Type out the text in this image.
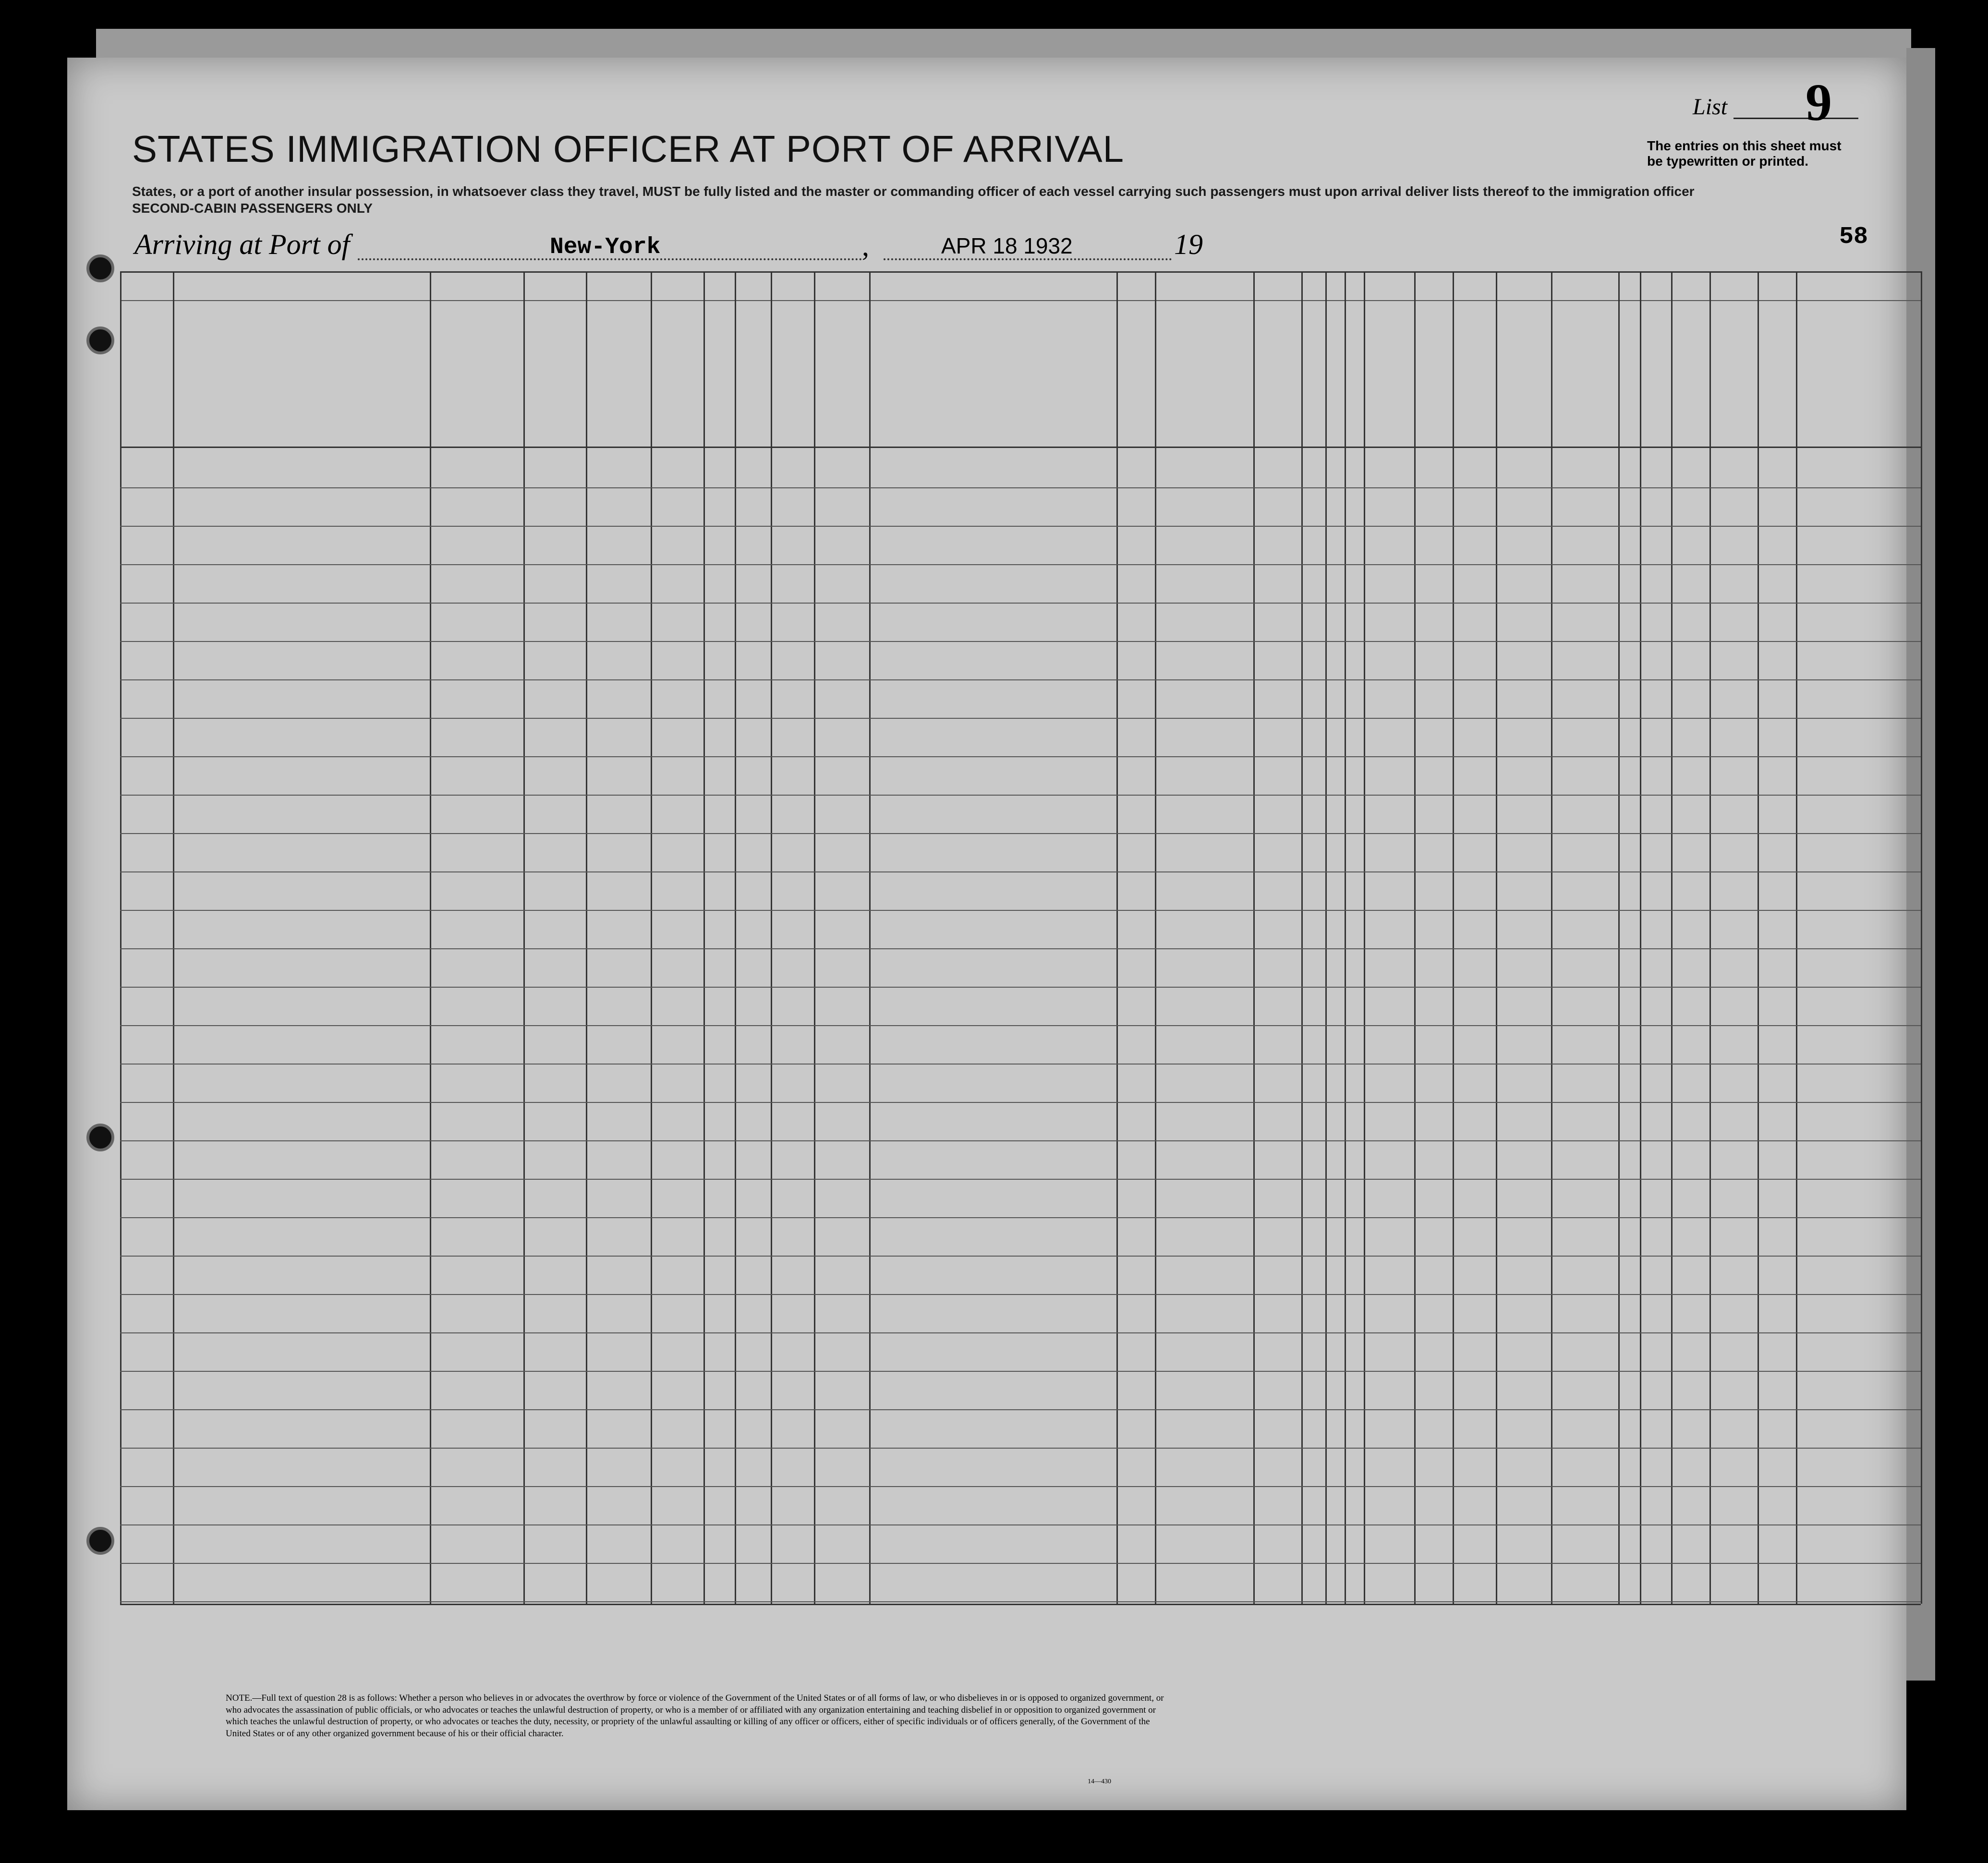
STATES IMMIGRATION OFFICER AT PORT OF ARRIVAL
States, or a port of another insular possession, in whatsoever class they travel, MUST be fully listed and the master or commanding officer of each vessel carrying such passengers must upon arrival deliver lists thereof to the immigration officer
SECOND-CABIN PASSENGERS ONLY
List 9
The entries on this sheet must
be typewritten or printed.
Arriving at Port of	New-York	,	APR 18 1932	19	58
NOTE.—Full text of question 28 is as follows: Whether a person who believes in or advocates the overthrow by force or violence of the Government of the United States or of all forms of law, or who disbelieves in or is opposed to organized government, or who advocates the assassination of public officials, or who advocates or teaches the unlawful destruction of property, or who is a member of or affiliated with any organization entertaining and teaching disbelief in or opposition to organized government or which teaches the unlawful destruction of property, or who advocates or teaches the duty, necessity, or propriety of the unlawful assaulting or killing of any officer or officers, either of specific individuals or of officers generally, of the Government of the United States or of any other organized government because of his or their official character.
14—430
